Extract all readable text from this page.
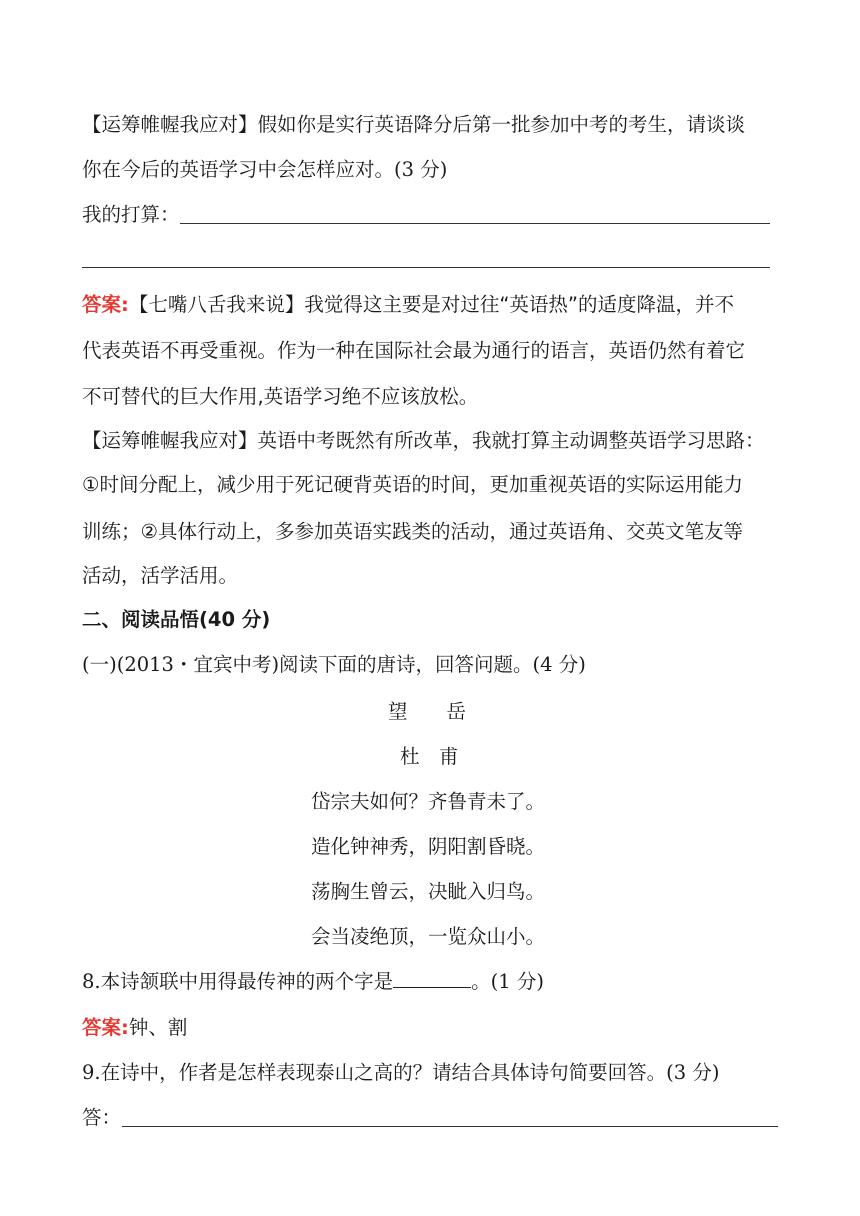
【运筹帷幄我应对】假如你是实行英语降分后第一批参加中考的考生，请谈谈
你在今后的英语学习中会怎样应对。(3 分)
我的打算：
答案:【七嘴八舌我来说】我觉得这主要是对过往“英语热”的适度降温，并不
代表英语不再受重视。作为一种在国际社会最为通行的语言，英语仍然有着它
不可替代的巨大作用,英语学习绝不应该放松。
【运筹帷幄我应对】英语中考既然有所改革，我就打算主动调整英语学习思路：
①时间分配上，减少用于死记硬背英语的时间，更加重视英语的实际运用能力
训练；②具体行动上，多参加英语实践类的活动，通过英语角、交英文笔友等
活动，活学活用。
二、阅读品悟(40 分)
(一)(2013・宜宾中考)阅读下面的唐诗，回答问题。(4 分)
望　　岳
杜　甫
岱宗夫如何？齐鲁青未了。
造化钟神秀，阴阳割昏晓。
荡胸生曾云，决眦入归鸟。
会当凌绝顶，一览众山小。
8.本诗颔联中用得最传神的两个字是	。(1 分)
答案:钟、割
9.在诗中，作者是怎样表现泰山之高的？请结合具体诗句简要回答。(3 分)
答：
